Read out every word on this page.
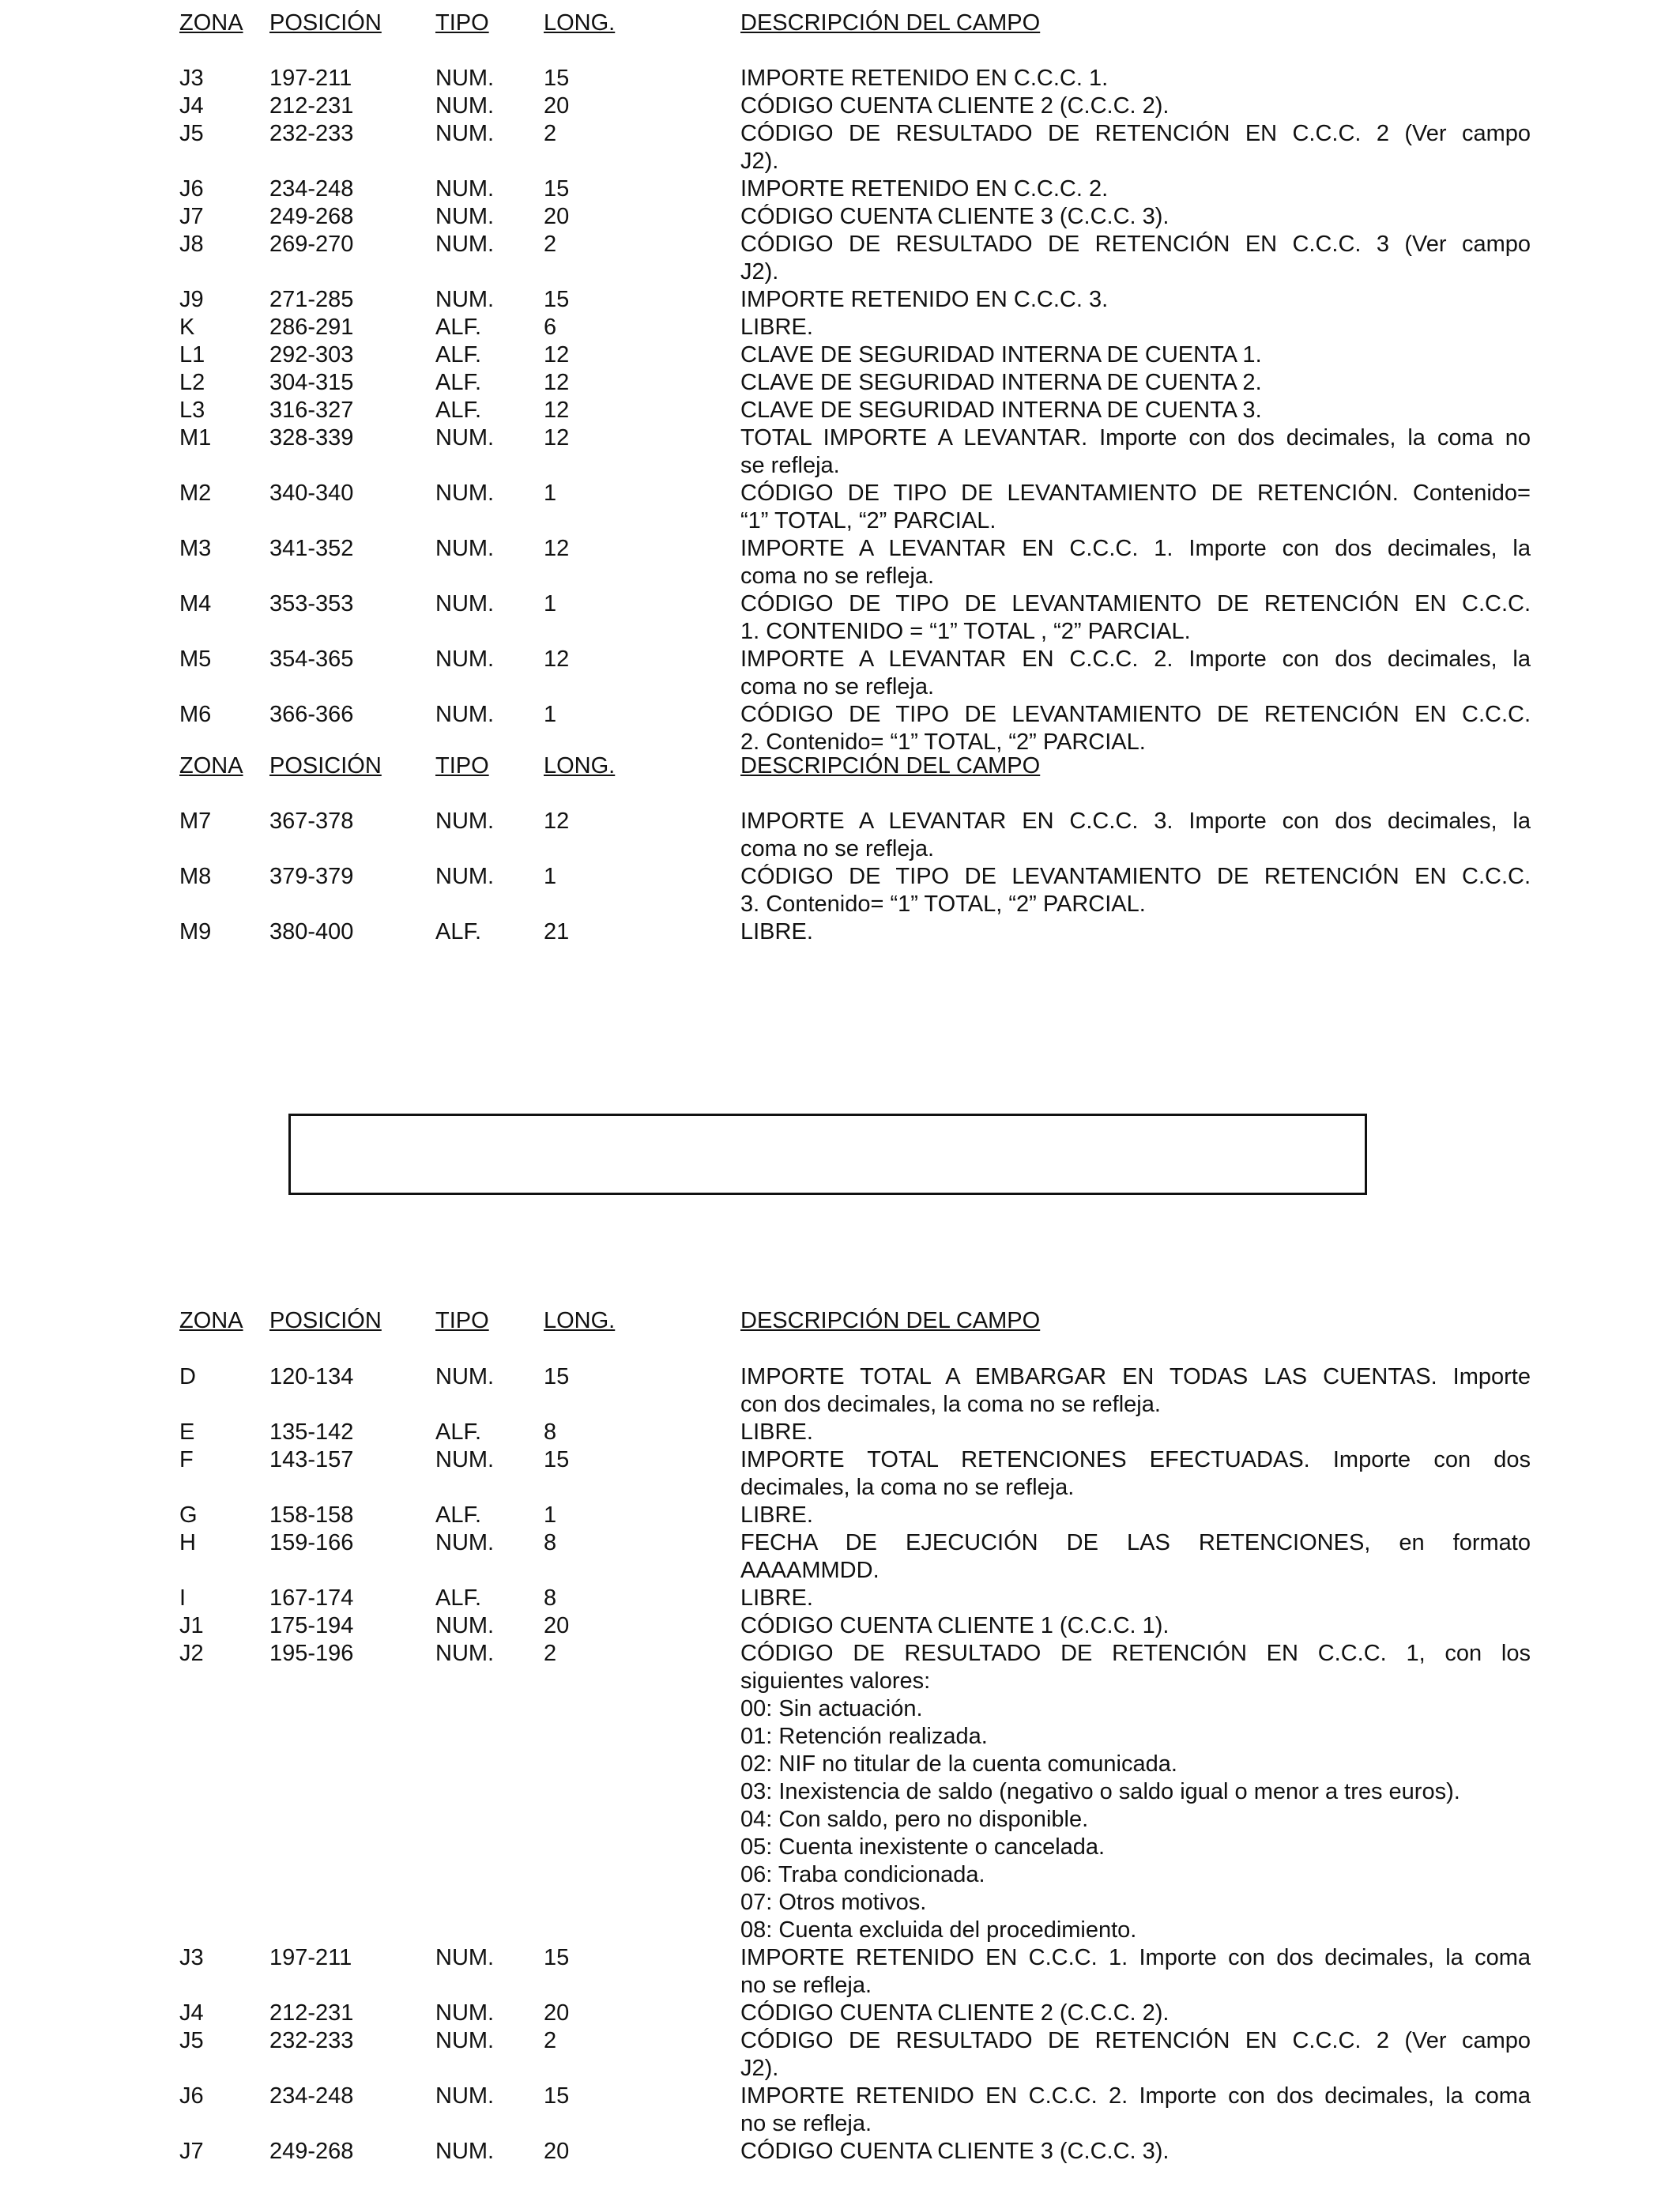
ZONA POSICIÓN TIPO LONG.	DESCRIPCIÓN DEL CAMPO
J3	197-211	NUM. 15	IMPORTE RETENIDO EN C.C.C. 1.
J4	212-231	NUM. 20	CÓDIGO CUENTA CLIENTE 2 (C.C.C. 2).
J5	232-233	NUM. 2	CÓDIGO DE RESULTADO DE RETENCIÓN EN C.C.C. 2 (Ver campo
J2).
J6	234-248	NUM. 15	IMPORTE RETENIDO EN C.C.C. 2.
J7	249-268	NUM. 20	CÓDIGO CUENTA CLIENTE 3 (C.C.C. 3).
J8	269-270	NUM. 2	CÓDIGO DE RESULTADO DE RETENCIÓN EN C.C.C. 3 (Ver campo
J2).
J9	271-285	NUM. 15	IMPORTE RETENIDO EN C.C.C. 3.
K	286-291	ALF.	6	LIBRE.
L1	292-303	ALF.	12	CLAVE DE SEGURIDAD INTERNA DE CUENTA 1.
L2	304-315	ALF.	12	CLAVE DE SEGURIDAD INTERNA DE CUENTA 2.
L3	316-327	ALF.	12	CLAVE DE SEGURIDAD INTERNA DE CUENTA 3.
M1	328-339	NUM. 12	TOTAL IMPORTE A LEVANTAR. Importe con dos decimales, la coma no
se refleja.
M2	340-340	NUM. 1	CÓDIGO DE TIPO DE LEVANTAMIENTO DE RETENCIÓN. Contenido=
“1” TOTAL, “2” PARCIAL.
M3	341-352	NUM. 12	IMPORTE A LEVANTAR EN C.C.C. 1. Importe con dos decimales, la
coma no se refleja.
M4	353-353	NUM. 1	CÓDIGO DE TIPO DE LEVANTAMIENTO DE RETENCIÓN EN C.C.C.
1. CONTENIDO = “1” TOTAL , “2” PARCIAL.
M5	354-365	NUM. 12	IMPORTE A LEVANTAR EN C.C.C. 2. Importe con dos decimales, la
coma no se refleja.
M6	366-366	NUM. 1	CÓDIGO DE TIPO DE LEVANTAMIENTO DE RETENCIÓN EN C.C.C.
2. Contenido= “1” TOTAL, “2” PARCIAL.
ZONA POSICIÓN TIPO LONG.	DESCRIPCIÓN DEL CAMPO
M7	367-378	NUM. 12	IMPORTE A LEVANTAR EN C.C.C. 3. Importe con dos decimales, la
coma no se refleja.
M8	379-379	NUM. 1	CÓDIGO DE TIPO DE LEVANTAMIENTO DE RETENCIÓN EN C.C.C.
3. Contenido= “1” TOTAL, “2” PARCIAL.
M9	380-400	ALF.	21	LIBRE.
ZONA POSICIÓN TIPO LONG.	DESCRIPCIÓN DEL CAMPO
D	120-134	NUM. 15	IMPORTE TOTAL A EMBARGAR EN TODAS LAS CUENTAS. Importe
con dos decimales, la coma no se refleja.
E	135-142	ALF.	8	LIBRE.
F	143-157	NUM. 15	IMPORTE TOTAL RETENCIONES EFECTUADAS. Importe con dos
decimales, la coma no se refleja.
G	158-158	ALF.	1	LIBRE.
H	159-166	NUM. 8	FECHA DE EJECUCIÓN DE LAS RETENCIONES, en formato
AAAAMMDD.
I	167-174	ALF.	8	LIBRE.
J1	175-194	NUM. 20	CÓDIGO CUENTA CLIENTE 1 (C.C.C. 1).
J2	195-196	NUM. 2	CÓDIGO DE RESULTADO DE RETENCIÓN EN C.C.C. 1, con los
siguientes valores:
00: Sin actuación.
01: Retención realizada.
02: NIF no titular de la cuenta comunicada.
03: Inexistencia de saldo (negativo o saldo igual o menor a tres euros).
04: Con saldo, pero no disponible.
05: Cuenta inexistente o cancelada.
06: Traba condicionada.
07: Otros motivos.
08: Cuenta excluida del procedimiento.
J3	197-211	NUM. 15	IMPORTE RETENIDO EN C.C.C. 1. Importe con dos decimales, la coma
no se refleja.
J4	212-231	NUM. 20	CÓDIGO CUENTA CLIENTE 2 (C.C.C. 2).
J5	232-233	NUM. 2	CÓDIGO DE RESULTADO DE RETENCIÓN EN C.C.C. 2 (Ver campo
J2).
J6	234-248	NUM. 15	IMPORTE RETENIDO EN C.C.C. 2. Importe con dos decimales, la coma
no se refleja.
J7	249-268	NUM. 20	CÓDIGO CUENTA CLIENTE 3 (C.C.C. 3).
